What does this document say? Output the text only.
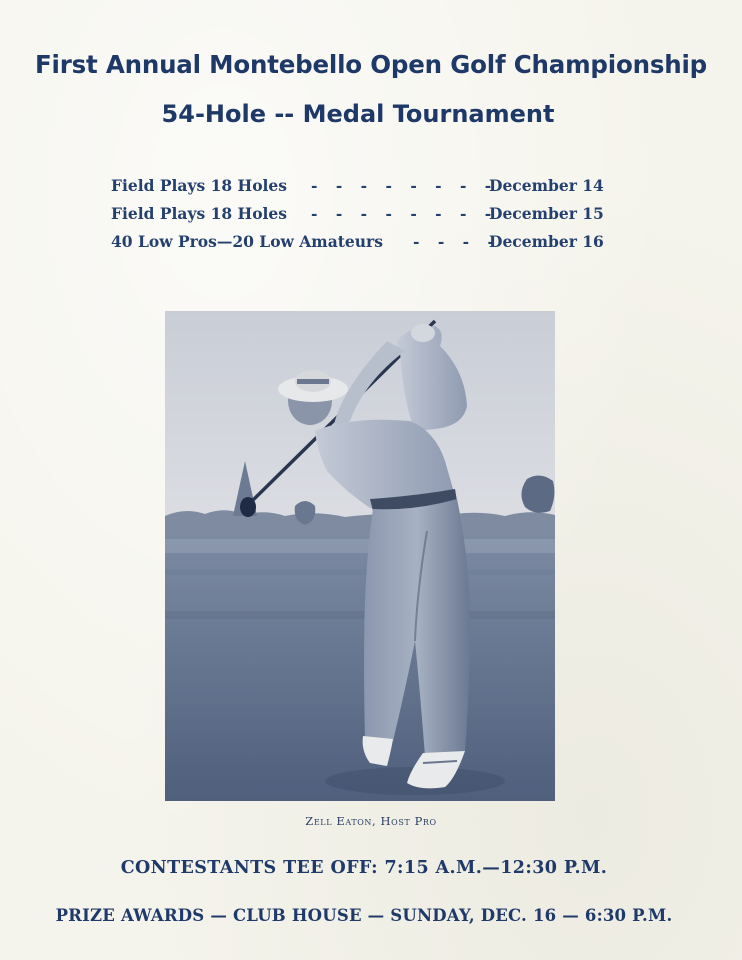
First Annual Montebello Open Golf Championship
54-Hole -- Medal Tournament
Field Plays 18 Holes - - - - - - - -
December 14
Field Plays 18 Holes - - - - - - - -
December 15
40 Low Pros—20 Low Amateurs - - - -
December 16
Zell Eaton, Host Pro
CONTESTANTS TEE OFF: 7:15 A.M.—12:30 P.M.
PRIZE AWARDS — CLUB HOUSE — SUNDAY, DEC. 16 — 6:30 P.M.
